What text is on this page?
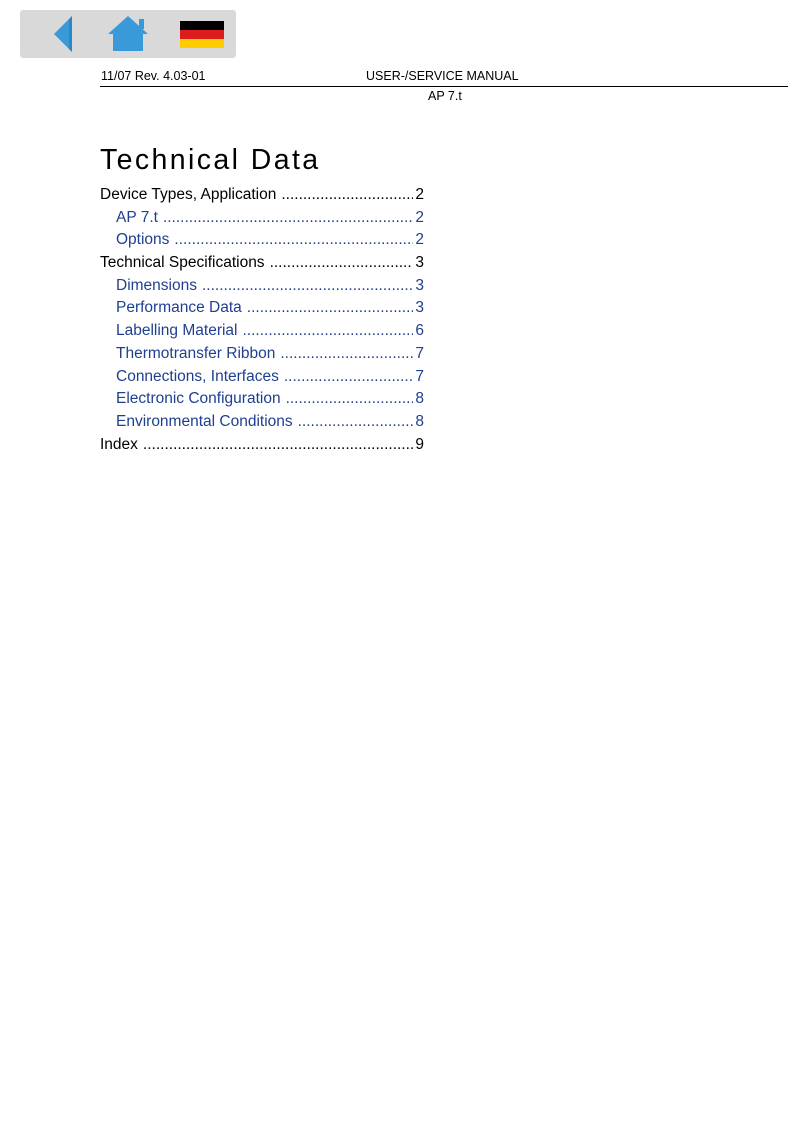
11/07 Rev. 4.03-01	USER-/SERVICE MANUAL
AP 7.t
Technical Data
Device Types, Application .....	2
AP 7.t .....	2
Options .....	2
Technical Specifications .....	3
Dimensions .....	3
Performance Data .....	3
Labelling Material .....	6
Thermotransfer Ribbon .....	7
Connections, Interfaces .....	7
Electronic Configuration .....	8
Environmental Conditions .....	8
Index .....	9
